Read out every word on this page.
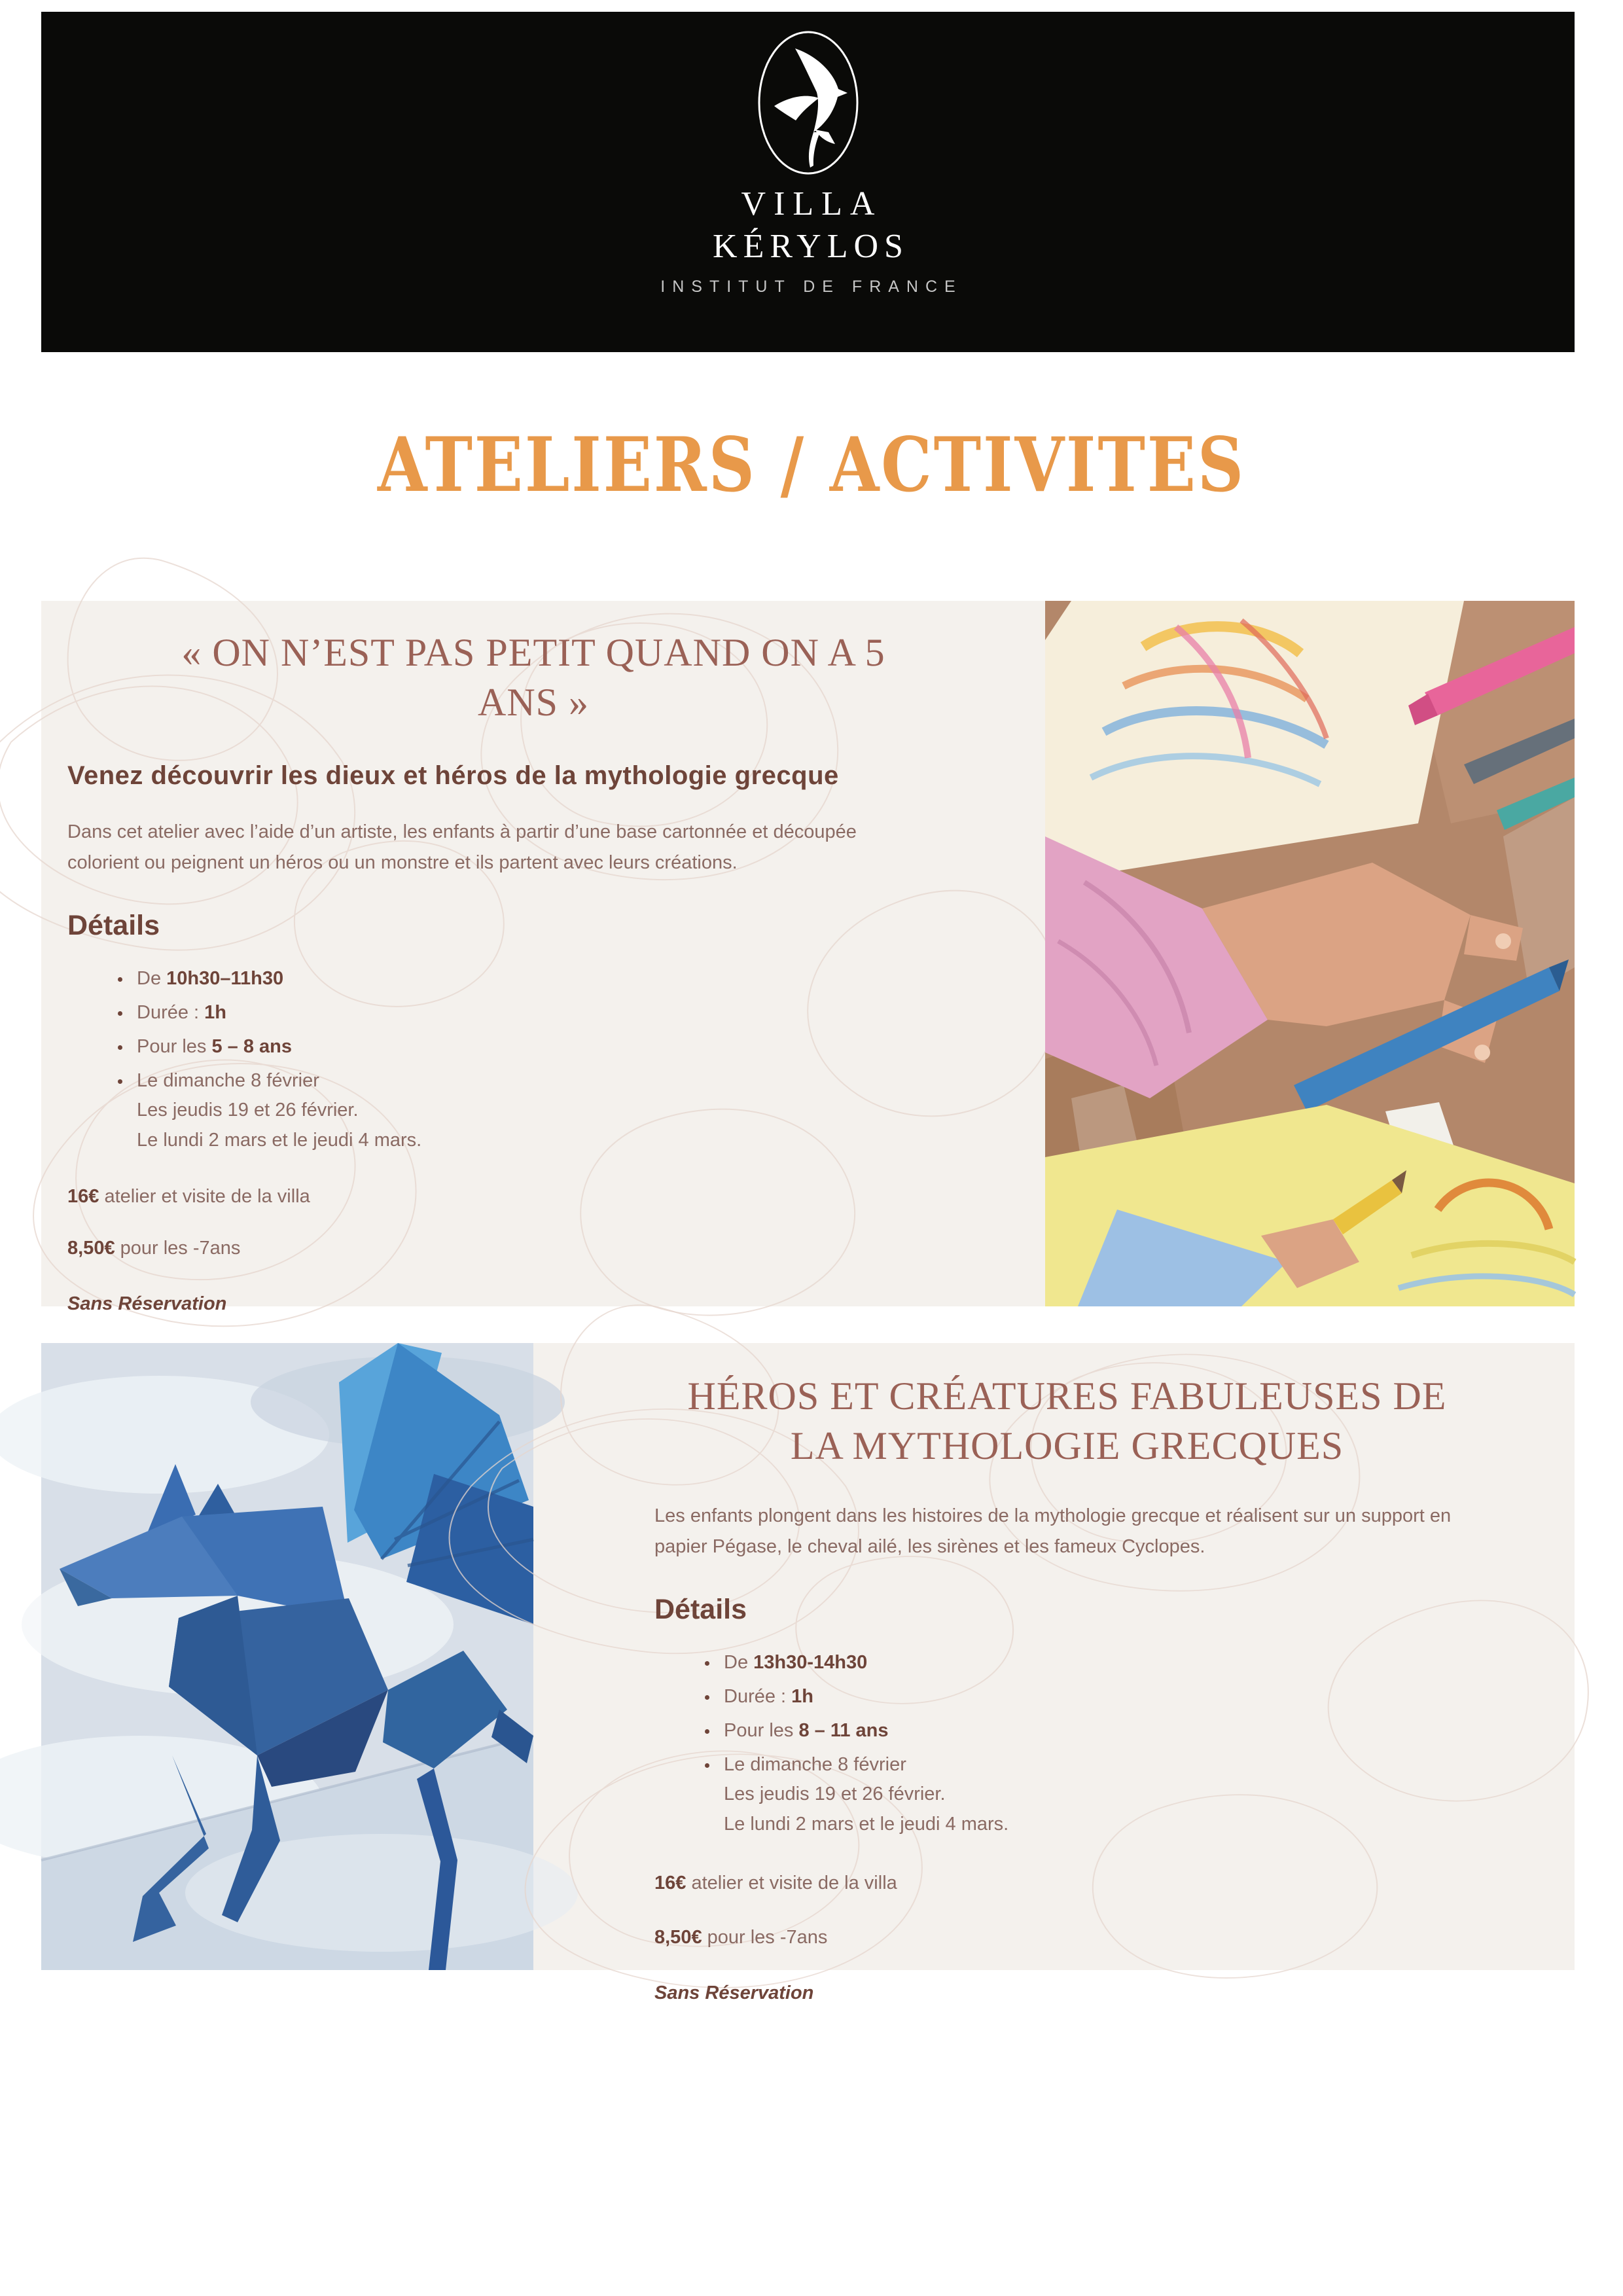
VILLA
KÉRYLOS
INSTITUT DE FRANCE
ATELIERS / ACTIVITES
« ON N’EST PAS PETIT QUAND ON A 5 ANS »
Venez découvrir les dieux et héros de la mythologie grecque

Dans cet atelier avec l’aide d’un artiste, les enfants à partir d’une base cartonnée et découpée colorient ou peignent un héros ou un monstre et ils partent avec leurs créations.

Détails
• De 10h30–11h30
• Durée : 1h
• Pour les 5 – 8 ans
• Le dimanche 8 février
Les jeudis 19 et 26 février.
Le lundi 2 mars et le jeudi 4 mars.

16€ atelier et visite de la villa

8,50€ pour les -7ans

Sans Réservation

HÉROS ET CRÉATURES FABULEUSES DE LA MYTHOLOGIE GRECQUES

Les enfants plongent dans les histoires de la mythologie grecque et réalisent sur un support en papier Pégase, le cheval ailé, les sirènes et les fameux Cyclopes.

Détails
• De 13h30-14h30
• Durée : 1h
• Pour les 8 – 11 ans
• Le dimanche 8 février
Les jeudis 19 et 26 février.
Le lundi 2 mars et le jeudi 4 mars.

16€ atelier et visite de la villa

8,50€ pour les -7ans

Sans Réservation
